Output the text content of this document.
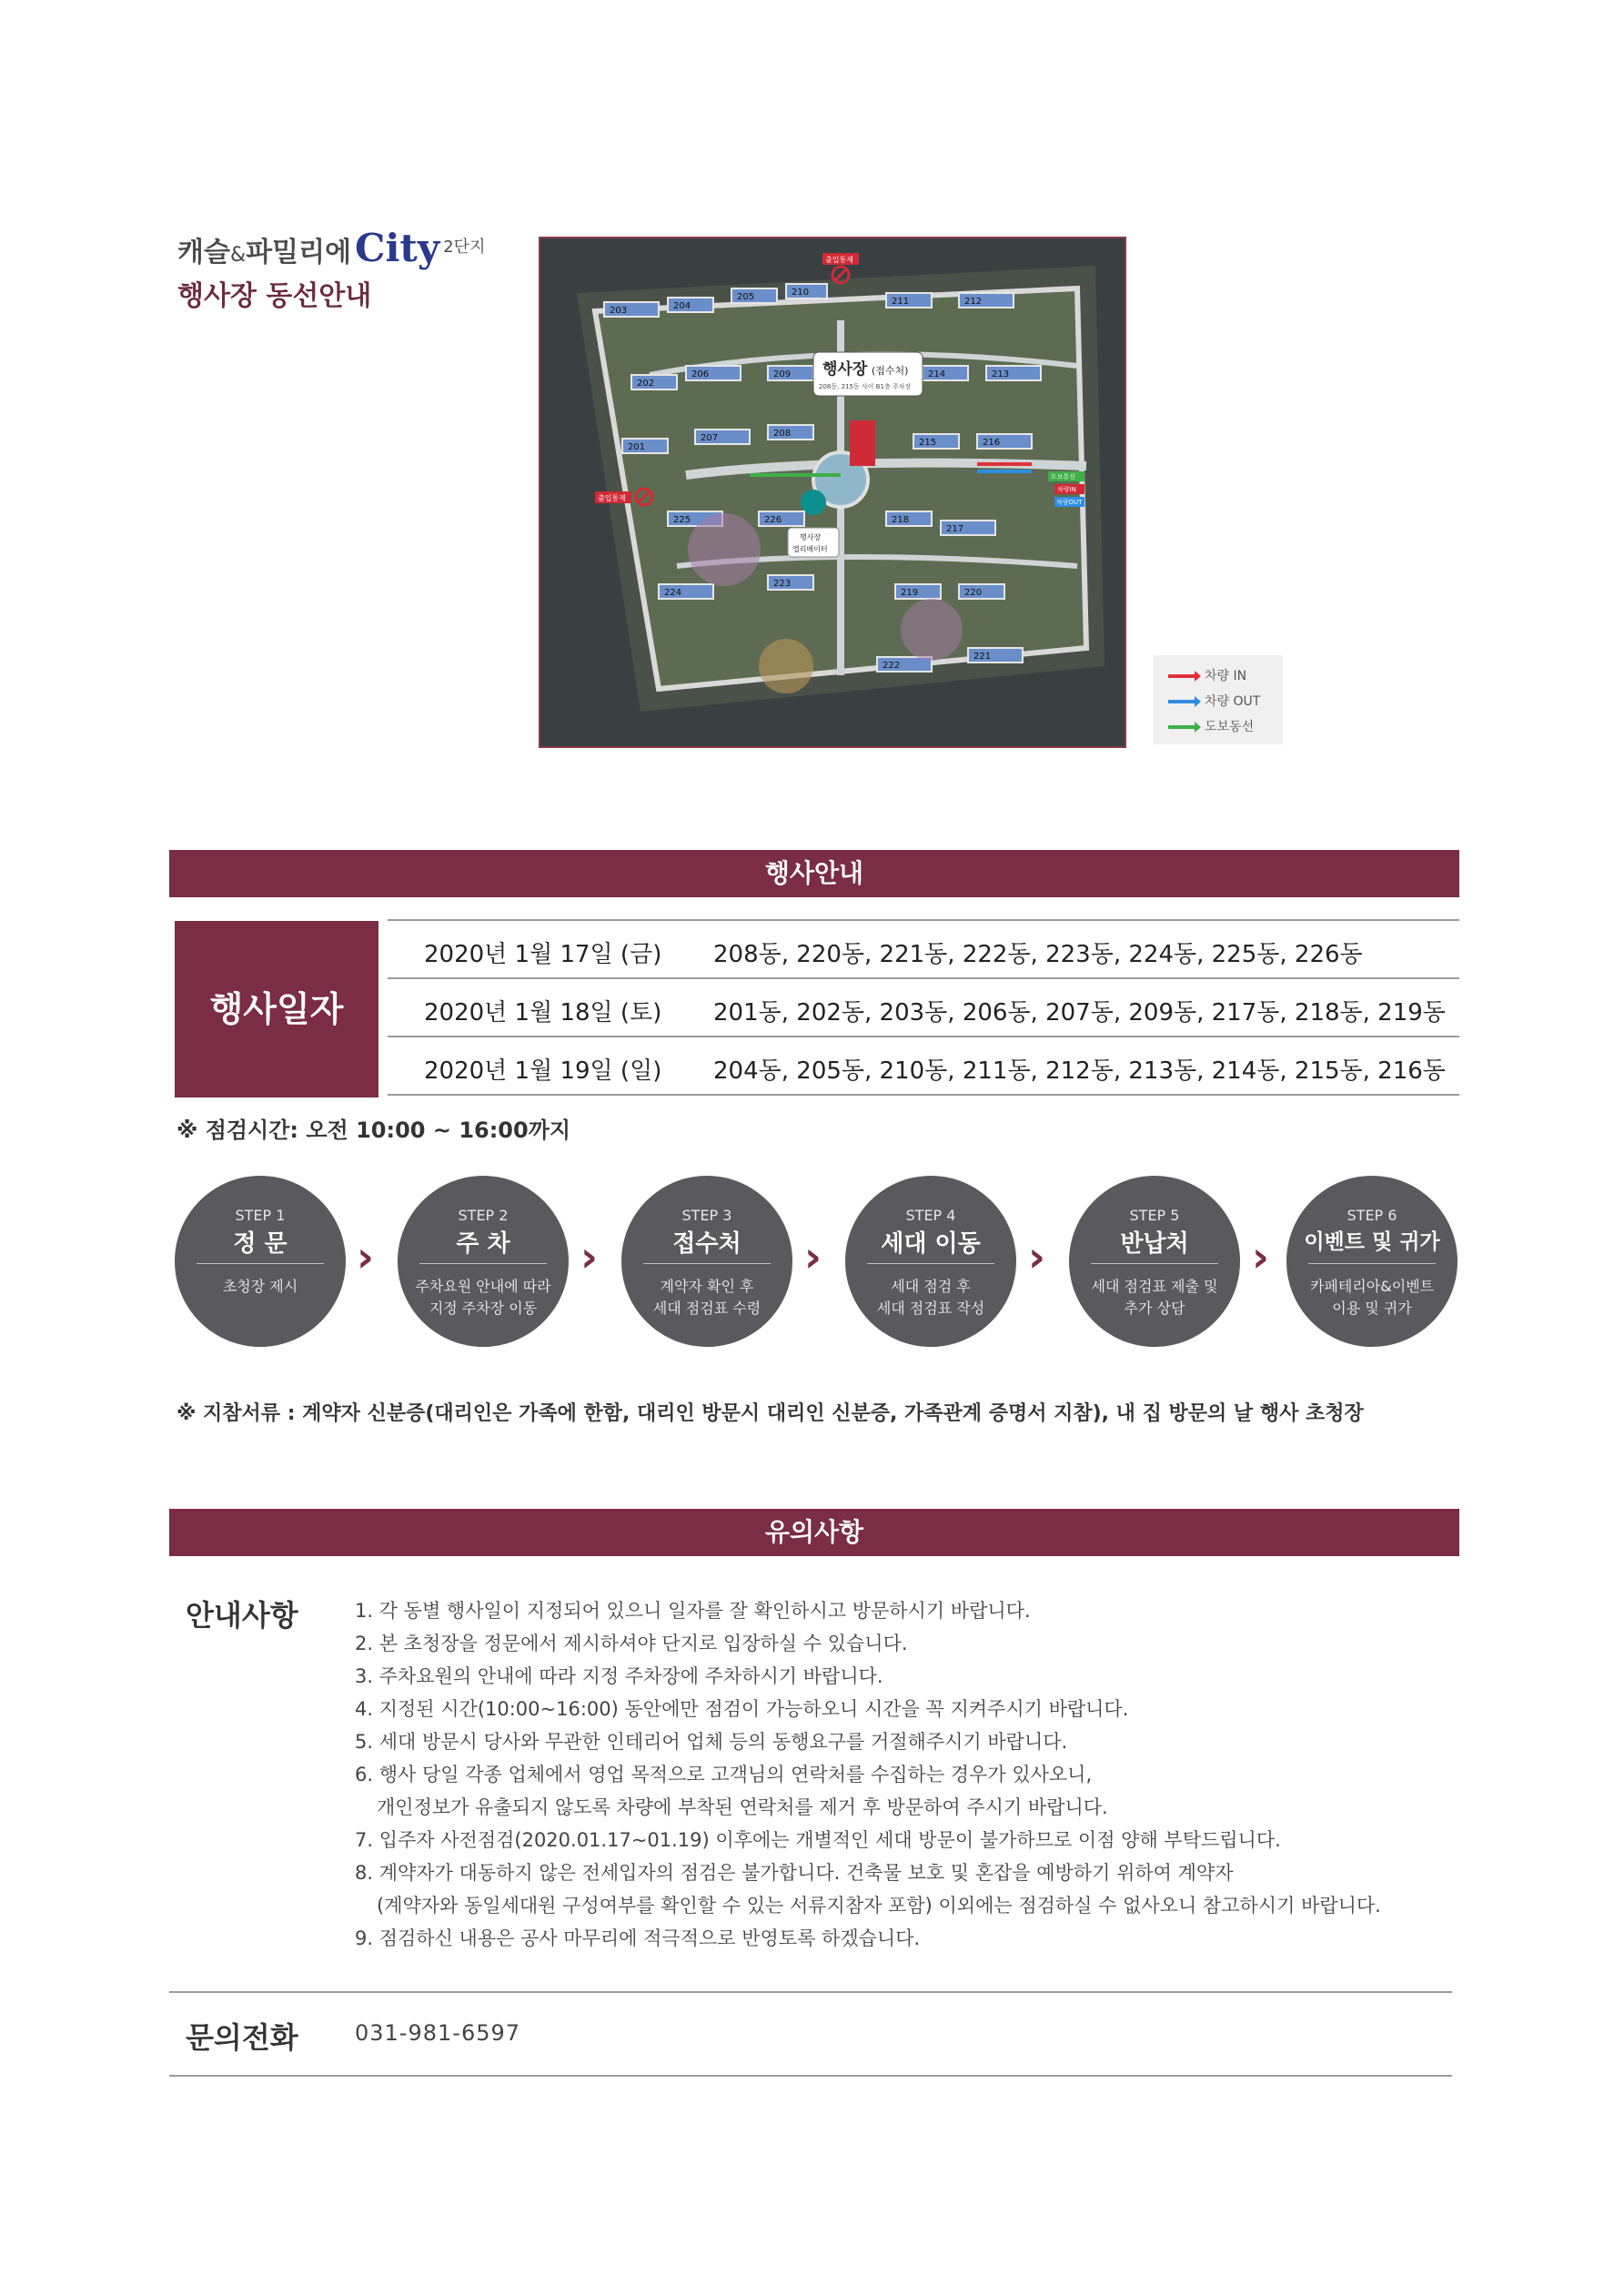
캐슬&파밀리에City $^{2단지}$
행사장 동선안내	203	204
205	210
211	212
202
206	209	214	213
201
207	208
215	216
226	218
217
225
224
223
219	220
222
221
출입통제
출입통제
행사장 (접수처)
208동, 215동 사이 B1층 주차장
행사장
엘리베이터
도보통선
차량IN
차량OUT
차량 IN
차량 OUT
도보동선
행사안내
행사일자
2020년 1월 17일 (금) 208동, 220동, 221동, 222동, 223동, 224동, 225동, 226동
2020년 1월 18일 (토) 201동, 202동, 203동, 206동, 207동, 209동, 217동, 218동, 219동
2020년 1월 19일 (일) 204동, 205동, 210동, 211동, 212동, 213동, 214동, 215동, 216동
※ 점검시간: 오전 10:00 ~ 16:00까지
STEP 1
정 문
초청장 제시

›
STEP 2
주 차
주차요원 안내에 따라
지정 주차장 이동
›
STEP 3
접수처
계약자 확인 후
세대 점검표 수령
›
STEP 4
세대 이동
세대 점검 후
세대 점검표 작성
›
STEP 5
반납처
세대 점검표 제출 및
추가 상담
›
STEP 6
이벤트 및 귀가
카페테리아&이벤트
이용 및 귀가
※ 지참서류 : 계약자 신분증(대리인은 가족에 한함, 대리인 방문시 대리인 신분증, 가족관계 증명서 지참), 내 집 방문의 날 행사 초청장
유의사항
안내사항	1. 각 동별 행사일이 지정되어 있으니 일자를 잘 확인하시고 방문하시기 바랍니다.
2. 본 초청장을 정문에서 제시하셔야 단지로 입장하실 수 있습니다.
3. 주차요원의 안내에 따라 지정 주차장에 주차하시기 바랍니다.
4. 지정된 시간(10:00~16:00) 동안에만 점검이 가능하오니 시간을 꼭 지켜주시기 바랍니다.
5. 세대 방문시 당사와 무관한 인테리어 업체 등의 동행요구를 거절해주시기 바랍니다.
6. 행사 당일 각종 업체에서 영업 목적으로 고객님의 연락처를 수집하는 경우가 있사오니,
개인정보가 유출되지 않도록 차량에 부착된 연락처를 제거 후 방문하여 주시기 바랍니다.
7. 입주자 사전점검(2020.01.17~01.19) 이후에는 개별적인 세대 방문이 불가하므로 이점 양해 부탁드립니다.
8. 계약자가 대동하지 않은 전세입자의 점검은 불가합니다. 건축물 보호 및 혼잡을 예방하기 위하여 계약자
(계약자와 동일세대원 구성여부를 확인할 수 있는 서류지참자 포함) 이외에는 점검하실 수 없사오니 참고하시기 바랍니다.
9. 점검하신 내용은 공사 마무리에 적극적으로 반영토록 하겠습니다.
문의전화	031-981-6597
